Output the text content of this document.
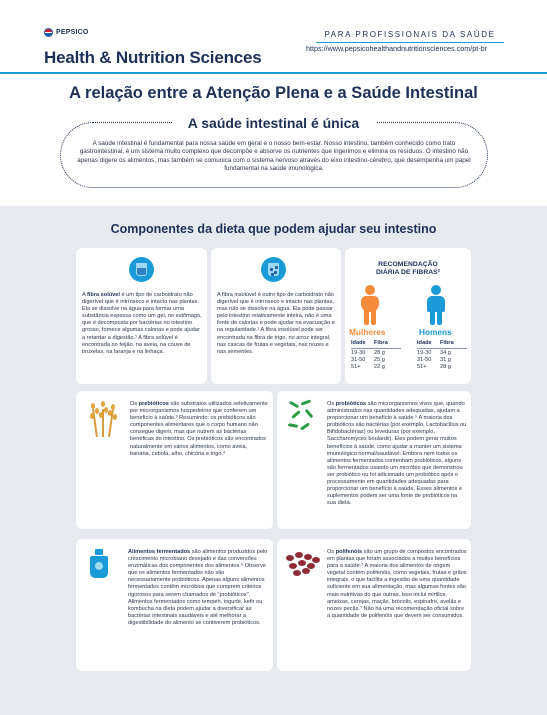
PEPSICO
Health & Nutrition Sciences
PARA PROFISSIONAIS DA SAÚDE
https://www.pepsicohealthandnutritionsciences.com/pt-br
A relação entre a Atenção Plena e a Saúde Intestinal
A saúde intestinal é única

A saúde intestinal é fundamental para nossa saúde em geral e o nosso bem-estar. Nosso intestino, também conhecido como trato gastrointestinal, é um sistema muito complexo que decompõe e absorve os nutrientes que ingerimos e elimina os resíduos. O intestino não apenas digere os alimentos, mas também se comunica com o sistema nervoso através do eixo intestino-cérebro, que desempenha um papel fundamental na saúde imunológica.

Componentes da dieta que podem ajudar seu intestino

A fibra solúvel é um tipo de carboidrato não digerível que é intrínseco e intacto nas plantas. Ela se dissolve na água para formar uma substância espessa como um gel, no estômago, que é decomposta por bactérias no intestino grosso, fornece algumas calorias e pode ajudar a retardar a digestão.¹ A fibra solúvel é encontrada no feijão, na aveia, na couve de bruxelas, na laranja e na linhaça.

A fibra insolúvel é outro tipo de carboidrato não digerível que é intrínseco e intacto nas plantas, mas não se dissolve na água. Ela pode passar pelo intestino relativamente inteira, não é uma fonte de calorias e pode ajudar na evacuação e na regularidade.¹ A fibra insolúvel pode ser encontrada na fibra de trigo, no arroz integral, nas cascas de frutas e vegetais, nas nozes e nas sementes.

RECOMENDAÇÃO
DIÁRIA DE FIBRAS²
Mulheres	Homens
Idade	Fibra
19-30	28 g
31-50	25 g
51+	22 g
Idade	Fibra
19-30	34 g
31-50	31 g
51+	28 g

Os prebióticos são substratos utilizados seletivamente por microrganismos hospedeiros que conferem um benefício à saúde.³ Resumindo: os prebióticos são componentes alimentares que o corpo humano não consegue digerir, mas que nutrem as bactérias benéficas do intestino. Os prebióticos são encontrados naturalmente em vários alimentos, como aveia, banana, cebola, alho, chicória e trigo.⁴

Os probióticos são microrganismos vivos que, quando administrados nas quantidades adequadas, ajudam a proporcionar um benefício à saúde.⁵ A maioria dos probióticos são bactérias (por exemplo, Lactobacillus ou Bifidobactérias) ou leveduras (por exemplo, Saccharomyces boulardii). Eles podem gerar muitos benefícios à saúde, como ajudar a manter um sistema imunológico normal/saudável. Embora nem todos os alimentos fermentados contenham probióticos, alguns são fermentados usando um micróbio que demonstrou ser probiótico ou foi adicionado um probiótico após o processamento em quantidades adequadas para proporcionar um benefício à saúde. Esses alimentos e suplementos podem ser uma fonte de probióticos na sua dieta.

Alimentos fermentados são alimentos produzidos pelo crescimento microbiano desejado e das conversões enzimáticas dos componentes dos alimentos.⁶ Observe que os alimentos fermentados não são necessariamente probióticos. Apenas alguns alimentos fermentados contêm micróbios que cumprem critérios rigorosos para serem chamados de "probióticos". Alimentos fermentados como tempeh, iogurte, kefir ou kombucha na dieta podem ajudar a diversificar as bactérias intestinais saudáveis e até melhorar a digestibilidade do alimento se contiverem probióticos.

Os polifenóis são um grupo de compostos encontrados em plantas que foram associados a muitos benefícios para a saúde.⁷ A maioria dos alimentos de origem vegetal contém polifenóis, como vegetais, frutas e grãos integrais, o que facilita a ingestão de uma quantidade suficiente em sua alimentação, mas algumas fontes são mais nutritivas do que outras. Isso inclui mirtilos, ameixas, cerejas, maçãs, brócolis, espinafre, avelãs e nozes pecãs.⁷ Não há uma recomendação oficial sobre a quantidade de polifenóis que devem ser consumidos.
